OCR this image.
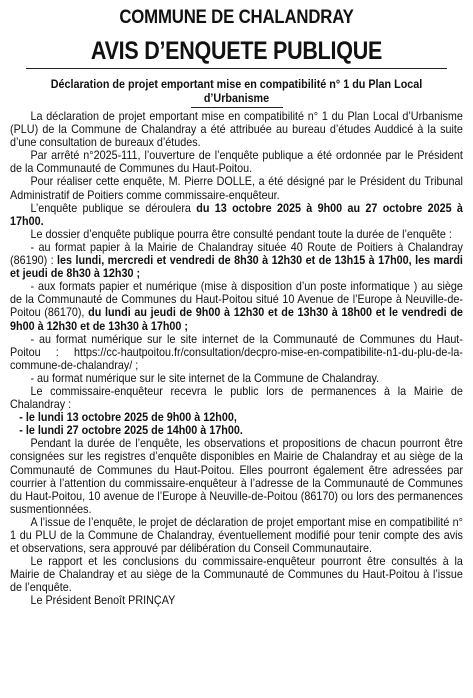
COMMUNE DE CHALANDRAY
AVIS D’ENQUETE PUBLIQUE
Déclaration de projet emportant mise en compatibilité n° 1 du Plan Local d’Urbanisme

La déclaration de projet emportant mise en compatibilité n° 1 du Plan Local d’Urbanisme (PLU) de la Commune de Chalandray a été attribuée au bureau d’études Auddicé à la suite d’une consultation de bureaux d’études.

Par arrêté n°2025-111, l’ouverture de l’enquête publique a été ordonnée par le Président de la Communauté de Communes du Haut-Poitou.

Pour réaliser cette enquête, M. Pierre DOLLE, a été désigné par le Président du Tribunal Administratif de Poitiers comme commissaire-enquêteur.

L’enquête publique se déroulera du 13 octobre 2025 à 9h00 au 27 octobre 2025 à 17h00.

Le dossier d’enquête publique pourra être consulté pendant toute la durée de l’enquête :

- au format papier à la Mairie de Chalandray située 40 Route de Poitiers à Chalandray (86190) : les lundi, mercredi et vendredi de 8h30 à 12h30 et de 13h15 à 17h00, les mardi et jeudi de 8h30 à 12h30 ;

- aux formats papier et numérique (mise à disposition d’un poste informatique ) au siège de la Communauté de Communes du Haut-Poitou situé 10 Avenue de l’Europe à Neuville-de- Poitou (86170), du lundi au jeudi de 9h00 à 12h30 et de 13h30 à 18h00 et le vendredi de 9h00 à 12h30 et de 13h30 à 17h00 ;

- au format numérique sur le site internet de la Communauté de Communes du Haut-Poitou : https://cc-hautpoitou.fr/consultation/decpro-mise-en-compatibilite-n1-du-plu-de-la-commune-de-chalandray/ ;

- au format numérique sur le site internet de la Commune de Chalandray.

Le commissaire-enquêteur recevra le public lors de permanences à la Mairie de Chalandray :

- le lundi 13 octobre 2025 de 9h00 à 12h00,

- le lundi 27 octobre 2025 de 14h00 à 17h00.

Pendant la durée de l’enquête, les observations et propositions de chacun pourront être consignées sur les registres d’enquête disponibles en Mairie de Chalandray et au siège de la Communauté de Communes du Haut-Poitou. Elles pourront également être adressées par courrier à l’attention du commissaire-enquêteur à l’adresse de la Communauté de Communes du Haut-Poitou, 10 avenue de l’Europe à Neuville-de-Poitou (86170) ou lors des permanences susmentionnées.

A l’issue de l’enquête, le projet de déclaration de projet emportant mise en compatibilité n° 1 du PLU de la Commune de Chalandray, éventuellement modifié pour tenir compte des avis et observations, sera approuvé par délibération du Conseil Communautaire.

Le rapport et les conclusions du commissaire-enquêteur pourront être consultés à la Mairie de Chalandray et au siège de la Communauté de Communes du Haut-Poitou à l’issue de l’enquête.

Le Président Benoît PRINÇAY
